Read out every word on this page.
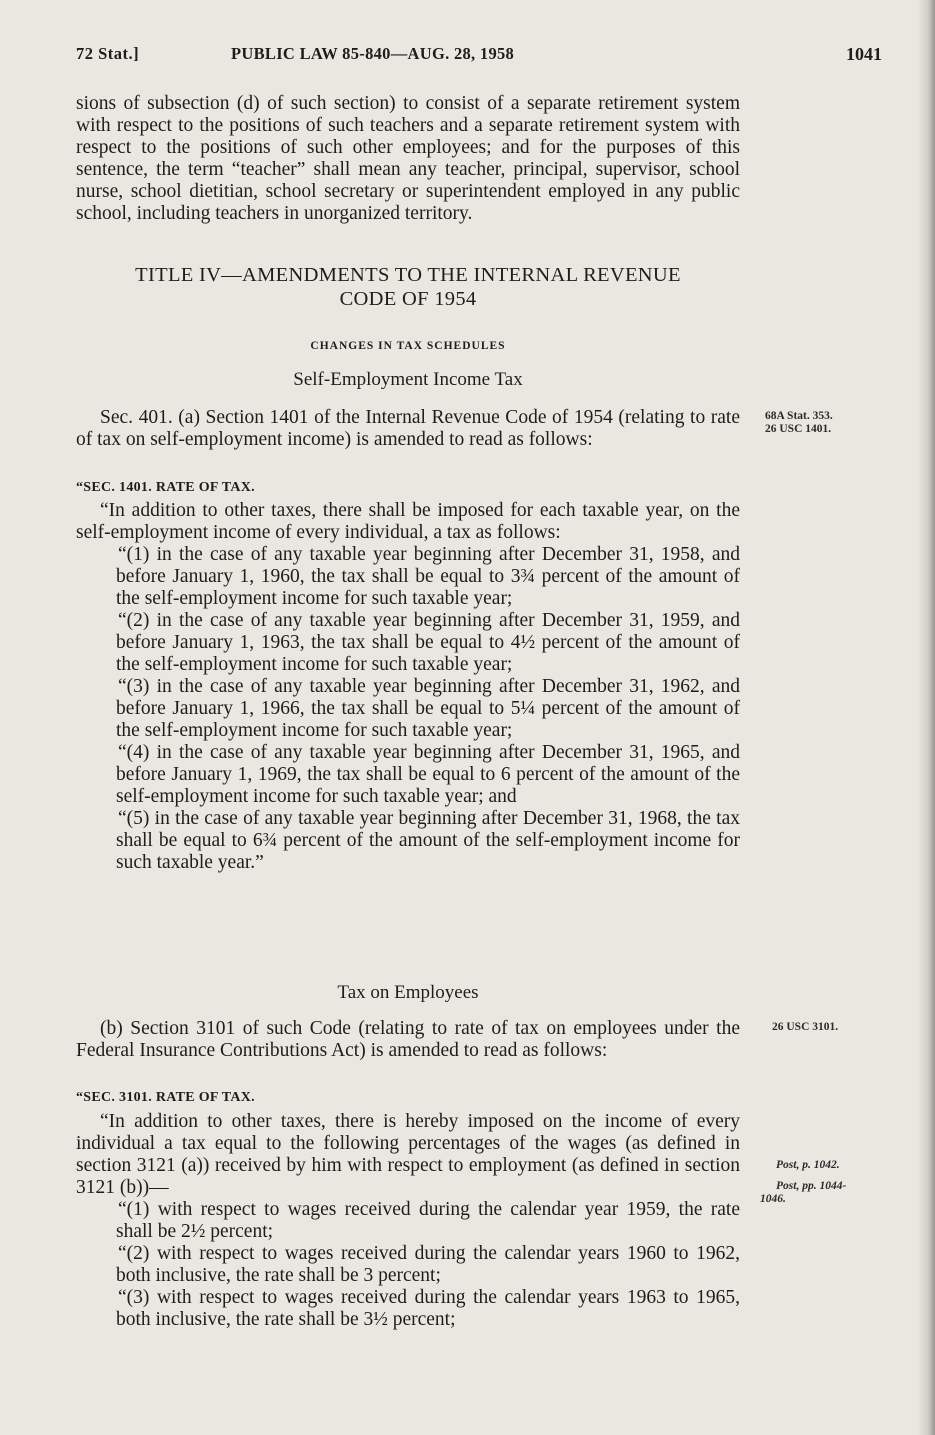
72 Stat.]	PUBLIC LAW 85-840—AUG. 28, 1958	1041

sions of subsection (d) of such section) to consist of a separate retirement system with respect to the positions of such teachers and a separate retirement system with respect to the positions of such other employees; and for the purposes of this sentence, the term “teacher” shall mean any teacher, principal, supervisor, school nurse, school dietitian, school secretary or superintendent employed in any public school, including teachers in unorganized territory.

TITLE IV—AMENDMENTS TO THE INTERNAL REVENUE
CODE OF 1954
CHANGES IN TAX SCHEDULES
Self-Employment Income Tax

Sec. 401. (a) Section 1401 of the Internal Revenue Code of 1954 (relating to rate of tax on self-employment income) is amended to read as follows:

“SEC. 1401. RATE OF TAX.

“In addition to other taxes, there shall be imposed for each taxable year, on the self-employment income of every individual, a tax as follows:

“(1) in the case of any taxable year beginning after December 31, 1958, and before January 1, 1960, the tax shall be equal to 3¾ percent of the amount of the self-employment income for such taxable year;

“(2) in the case of any taxable year beginning after December 31, 1959, and before January 1, 1963, the tax shall be equal to 4½ percent of the amount of the self-employment income for such taxable year;

“(3) in the case of any taxable year beginning after December 31, 1962, and before January 1, 1966, the tax shall be equal to 5¼ percent of the amount of the self-employment income for such taxable year;

“(4) in the case of any taxable year beginning after December 31, 1965, and before January 1, 1969, the tax shall be equal to 6 percent of the amount of the self-employment income for such taxable year; and

“(5) in the case of any taxable year beginning after December 31, 1968, the tax shall be equal to 6¾ percent of the amount of the self-employment income for such taxable year.”

Tax on Employees

(b) Section 3101 of such Code (relating to rate of tax on employees under the Federal Insurance Contributions Act) is amended to read as follows:

“SEC. 3101. RATE OF TAX.

“In addition to other taxes, there is hereby imposed on the income of every individual a tax equal to the following percentages of the wages (as defined in section 3121 (a)) received by him with respect to employment (as defined in section 3121 (b))—

“(1) with respect to wages received during the calendar year 1959, the rate shall be 2½ percent;

“(2) with respect to wages received during the calendar years 1960 to 1962, both inclusive, the rate shall be 3 percent;

“(3) with respect to wages received during the calendar years 1963 to 1965, both inclusive, the rate shall be 3½ percent;

68A Stat. 353.
26 USC 1401.
26 USC 3101.
Post, p. 1042.
Post, pp. 1044-
1046.
